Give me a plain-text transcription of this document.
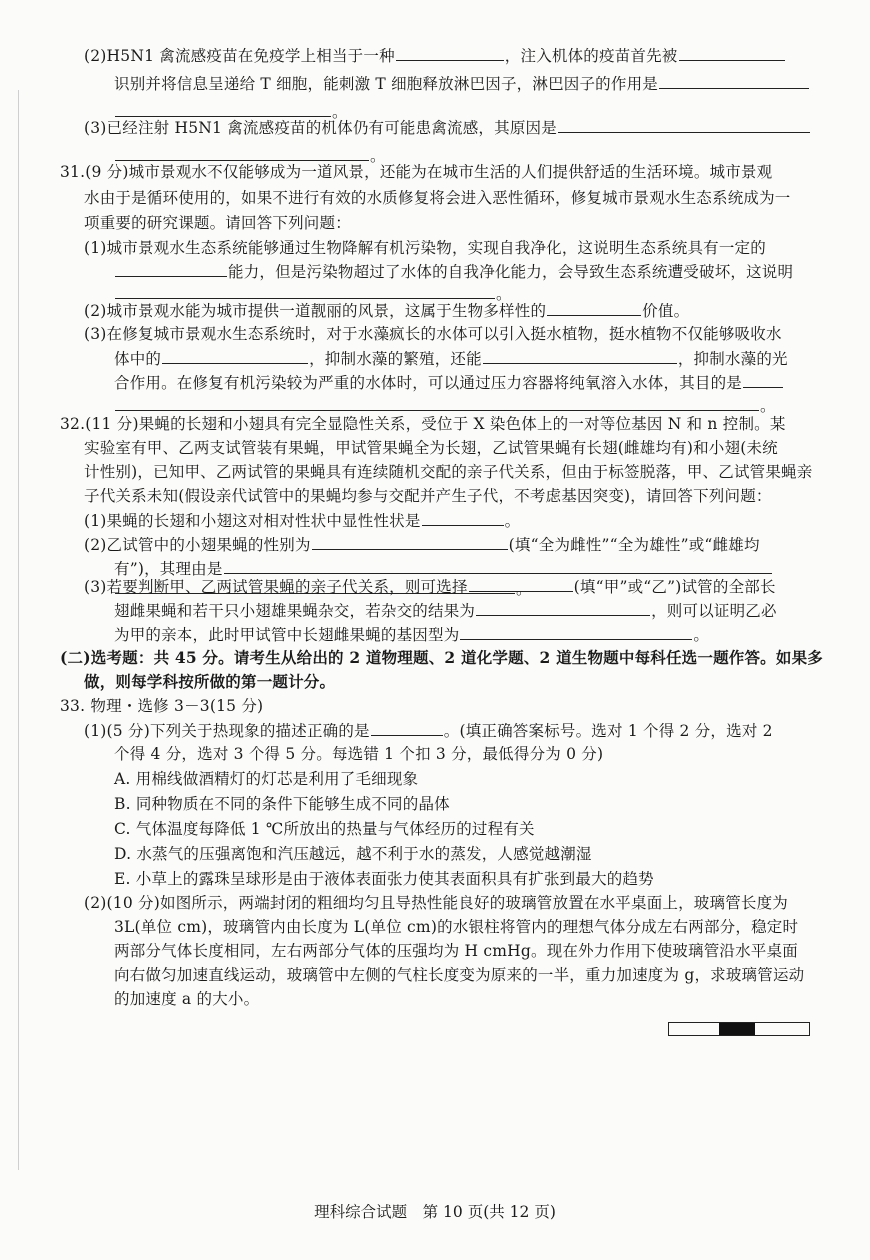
(2)H5N1 禽流感疫苗在免疫学上相当于一种	，注入机体的疫苗首先被
识别并将信息呈递给 T 细胞，能刺激 T 细胞释放淋巴因子，淋巴因子的作用是
。
(3)已经注射 H5N1 禽流感疫苗的机体仍有可能患禽流感，其原因是
。
31.(9 分)城市景观水不仅能够成为一道风景，还能为在城市生活的人们提供舒适的生活环境。城市景观
水由于是循环使用的，如果不进行有效的水质修复将会进入恶性循环，修复城市景观水生态系统成为一
项重要的研究课题。请回答下列问题：
(1)城市景观水生态系统能够通过生物降解有机污染物，实现自我净化，这说明生态系统具有一定的
能力，但是污染物超过了水体的自我净化能力，会导致生态系统遭受破坏，这说明
。
(2)城市景观水能为城市提供一道靓丽的风景，这属于生物多样性的	价值。
(3)在修复城市景观水生态系统时，对于水藻疯长的水体可以引入挺水植物，挺水植物不仅能够吸收水
体中的	，抑制水藻的繁殖，还能	，抑制水藻的光
合作用。在修复有机污染较为严重的水体时，可以通过压力容器将纯氧溶入水体，其目的是
。
32.(11 分)果蝇的长翅和小翅具有完全显隐性关系，受位于 X 染色体上的一对等位基因 N 和 n 控制。某
实验室有甲、乙两支试管装有果蝇，甲试管果蝇全为长翅，乙试管果蝇有长翅(雌雄均有)和小翅(未统
计性别)，已知甲、乙两试管的果蝇具有连续随机交配的亲子代关系，但由于标签脱落，甲、乙试管果蝇亲
子代关系未知(假设亲代试管中的果蝇均参与交配并产生子代，不考虑基因突变)，请回答下列问题：
(1)果蝇的长翅和小翅这对相对性状中显性性状是	。
(2)乙试管中的小翅果蝇的性别为	(填“全为雌性”“全为雄性”或“雌雄均
有”)，其理由是
。
(3)若要判断甲、乙两试管果蝇的亲子代关系，则可选择	(填“甲”或“乙”)试管的全部长
翅雌果蝇和若干只小翅雄果蝇杂交，若杂交的结果为	，则可以证明乙必
为甲的亲本，此时甲试管中长翅雌果蝇的基因型为	。
(二)选考题：共 45 分。请考生从给出的 2 道物理题、2 道化学题、2 道生物题中每科任选一题作答。如果多
做，则每学科按所做的第一题计分。
33. 物理・选修 3－3(15 分)
(1)(5 分)下列关于热现象的描述正确的是	。(填正确答案标号。选对 1 个得 2 分，选对 2
个得 4 分，选对 3 个得 5 分。每选错 1 个扣 3 分，最低得分为 0 分)
A. 用棉线做酒精灯的灯芯是利用了毛细现象
B. 同种物质在不同的条件下能够生成不同的晶体
C. 气体温度每降低 1 ℃所放出的热量与气体经历的过程有关
D. 水蒸气的压强离饱和汽压越远，越不利于水的蒸发，人感觉越潮湿
E. 小草上的露珠呈球形是由于液体表面张力使其表面积具有扩张到最大的趋势
(2)(10 分)如图所示，两端封闭的粗细均匀且导热性能良好的玻璃管放置在水平桌面上，玻璃管长度为
3L(单位 cm)，玻璃管内由长度为 L(单位 cm)的水银柱将管内的理想气体分成左右两部分，稳定时
两部分气体长度相同，左右两部分气体的压强均为 H cmHg。现在外力作用下使玻璃管沿水平桌面
向右做匀加速直线运动，玻璃管中左侧的气柱长度变为原来的一半，重力加速度为 g，求玻璃管运动
的加速度 a 的大小。
理科综合试题　第 10 页(共 12 页)
